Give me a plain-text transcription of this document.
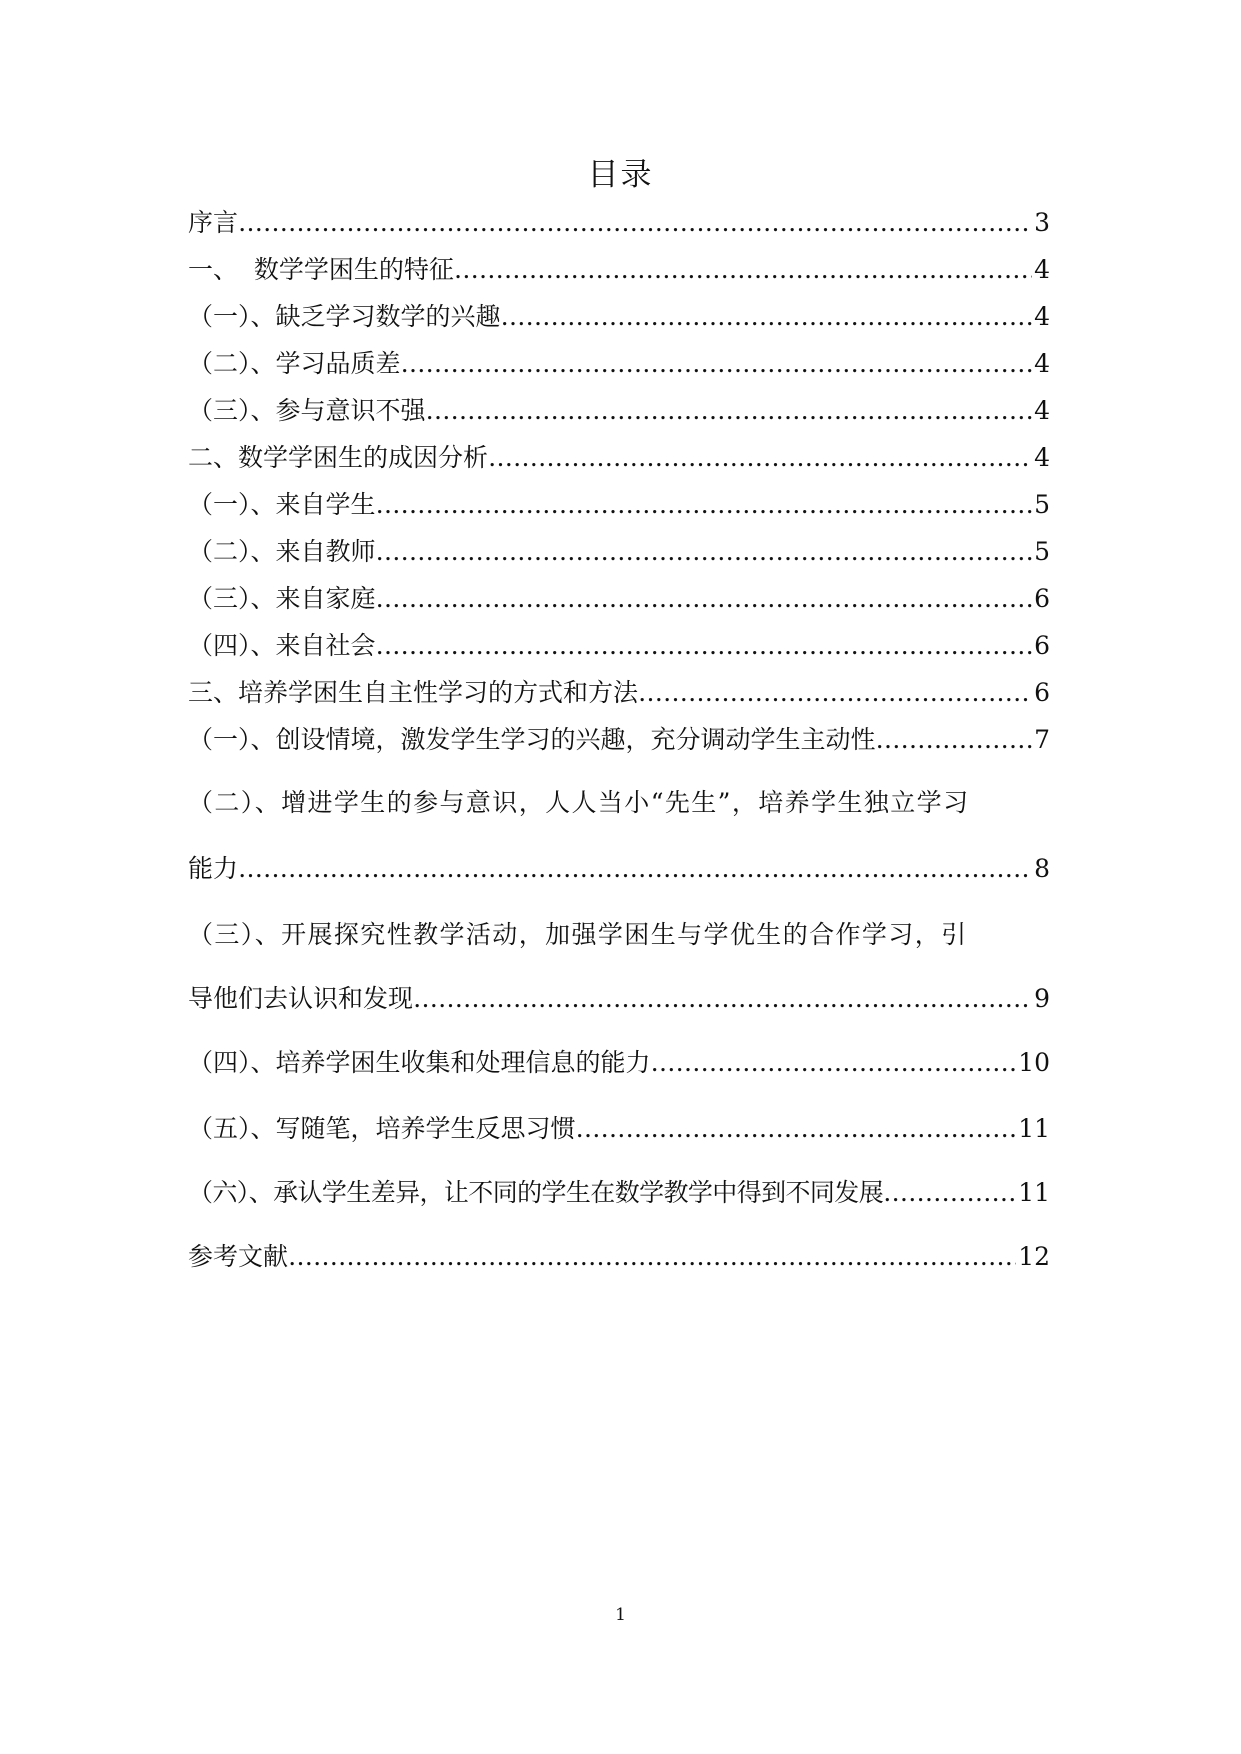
目录
序言 ……………………………………………………………………………………………………………………………………	3
一、  数学学困生的特征 ……………………………………………………………………………………………………………………………………	4
（一）、缺乏学习数学的兴趣 ……………………………………………………………………………………………………………………………………	4
（二）、学习品质差 ……………………………………………………………………………………………………………………………………	4
（三）、参与意识不强 ……………………………………………………………………………………………………………………………………	4
二、数学学困生的成因分析 ……………………………………………………………………………………………………………………………………	4
（一）、来自学生 ……………………………………………………………………………………………………………………………………	5
（二）、来自教师 ……………………………………………………………………………………………………………………………………	5
（三）、来自家庭 ……………………………………………………………………………………………………………………………………	6
（四）、来自社会 ……………………………………………………………………………………………………………………………………	6
三、培养学困生自主性学习的方式和方法 ……………………………………………………………………………………………………………………………………	6
（一）、创设情境，激发学生学习的兴趣，充分调动学生主动性 ……………………………………………………………………………………………………………………………………	7
（二）、增进学生的参与意识，人人当小“先生”，培养学生独立学习
能力 ……………………………………………………………………………………………………………………………………	8
（三）、开展探究性教学活动，加强学困生与学优生的合作学习，引
导他们去认识和发现 ……………………………………………………………………………………………………………………………………	9
（四）、培养学困生收集和处理信息的能力 ……………………………………………………………………………………………………………………………………	10
（五）、写随笔，培养学生反思习惯 ……………………………………………………………………………………………………………………………………	11
（六）、承认学生差异，让不同的学生在数学教学中得到不同发展 ……………………………………………………………………………………………………………………………………	11
参考文献 ……………………………………………………………………………………………………………………………………	12
1
